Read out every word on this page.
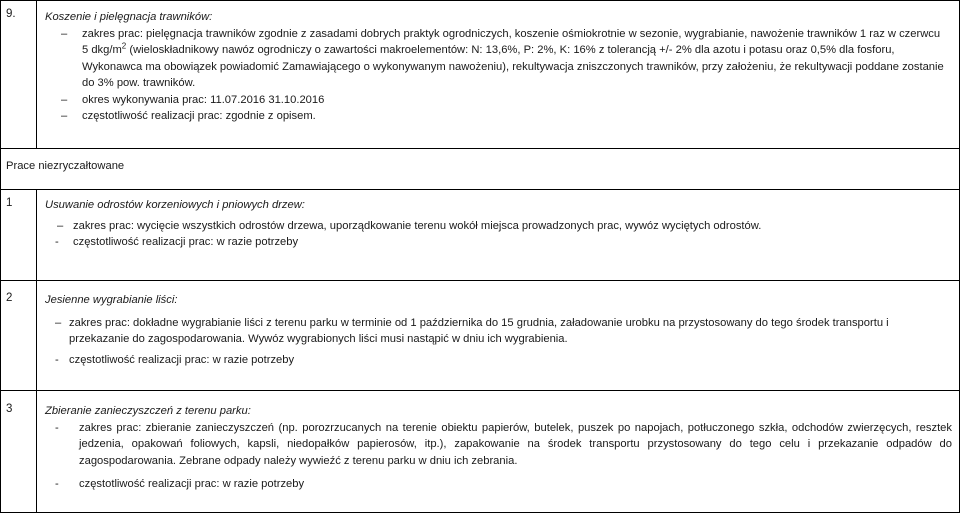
9.	Koszenie i pielęgnacja trawników:
‒ zakres prac: pielęgnacja trawników zgodnie z zasadami dobrych praktyk ogrodniczych, koszenie ośmiokrotnie w sezonie, wygrabianie, nawożenie trawników 1 raz w czerwcu
5 dkg/$m^2$ (wieloskładnikowy nawóz ogrodniczy o zawartości makroelementów: N: 13,6%, P: 2%, K: 16% z tolerancją +/- 2% dla azotu i potasu oraz 0,5% dla fosforu,
Wykonawca ma obowiązek powiadomić Zamawiającego o wykonywanym nawożeniu), rekultywacja zniszczonych trawników, przy założeniu, że rekultywacji poddane zostanie do 3% pow. trawników.
‒ okres wykonywania prac: 11.07.2016 31.10.2016
‒ częstotliwość realizacji prac: zgodnie z opisem.
Prace niezryczałtowane
1	Usuwanie odrostów korzeniowych i pniowych drzew:
‒ zakres prac: wycięcie wszystkich odrostów drzewa, uporządkowanie terenu wokół miejsca prowadzonych prac, wywóz wyciętych odrostów.
- częstotliwość realizacji prac: w razie potrzeby
2	Jesienne wygrabianie liści:
‒ zakres prac: dokładne wygrabianie liści z terenu parku w terminie od 1 października do 15 grudnia, załadowanie urobku na przystosowany do tego środek transportu i przekazanie do zagospodarowania. Wywóz wygrabionych liści musi nastąpić w dniu ich wygrabienia.
- częstotliwość realizacji prac: w razie potrzeby
3	Zbieranie zanieczyszczeń z terenu parku:
- zakres prac: zbieranie zanieczyszczeń (np. porozrzucanych na terenie obiektu papierów, butelek, puszek po napojach, potłuczonego szkła, odchodów zwierzęcych, resztek jedzenia, opakowań foliowych, kapsli, niedopałków papierosów, itp.), zapakowanie na środek transportu przystosowany do tego celu i przekazanie odpadów do zagospodarowania. Zebrane odpady należy wywieźć z terenu parku w dniu ich zebrania.
- częstotliwość realizacji prac: w razie potrzeby
